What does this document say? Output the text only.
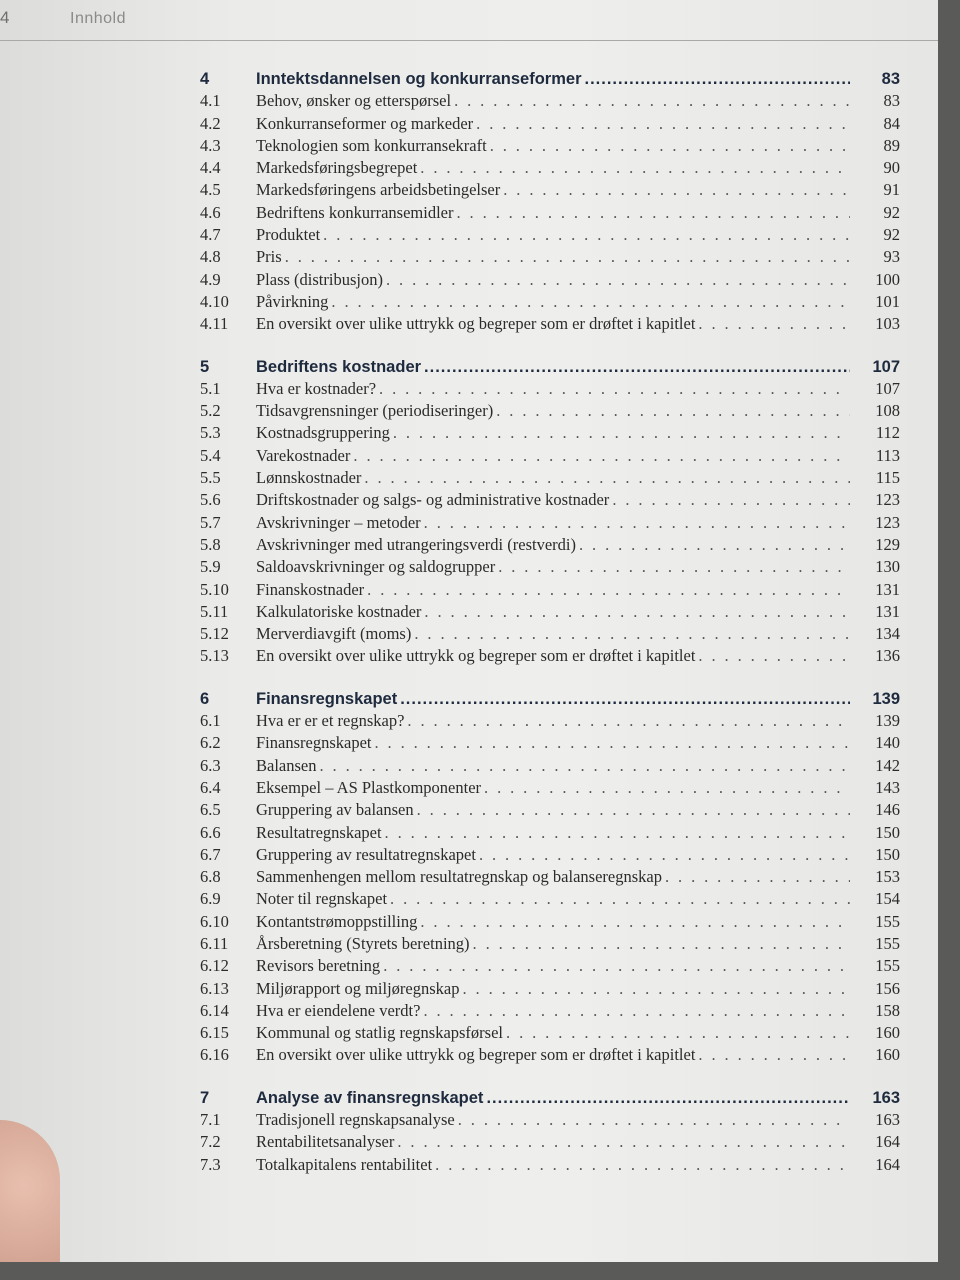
4	Innhold
4	Inntektsdannelsen og konkurranseformer .....	83
4.1	Behov, ønsker og etterspørsel . . .	83
4.2	Konkurranseformer og markeder . . .	84
4.3	Teknologien som konkurransekraft . . .	89
4.4	Markedsføringsbegrepet . . .	90
4.5	Markedsføringens arbeidsbetingelser . . .	91
4.6	Bedriftens konkurransemidler . . .	92
4.7	Produktet . . .	92
4.8	Pris . . .	93
4.9	Plass (distribusjon) . . .	100
4.10	Påvirkning . . .	101
4.11	En oversikt over ulike uttrykk og begreper som er drøftet i kapitlet . . .	103
5	Bedriftens kostnader .....	107
5.1	Hva er kostnader? . . .	107
5.2	Tidsavgrensninger (periodiseringer) . . .	108
5.3	Kostnadsgruppering . . .	112
5.4	Varekostnader . . .	113
5.5	Lønnskostnader . . .	115
5.6	Driftskostnader og salgs- og administrative kostnader . . .	123
5.7	Avskrivninger – metoder . . .	123
5.8	Avskrivninger med utrangeringsverdi (restverdi) . . .	129
5.9	Saldoavskrivninger og saldogrupper . . .	130
5.10	Finanskostnader . . .	131
5.11	Kalkulatoriske kostnader . . .	131
5.12	Merverdiavgift (moms) . . .	134
5.13	En oversikt over ulike uttrykk og begreper som er drøftet i kapitlet . . .	136
6	Finansregnskapet .....	139
6.1	Hva er er et regnskap? . . .	139
6.2	Finansregnskapet . . .	140
6.3	Balansen . . .	142
6.4	Eksempel – AS Plastkomponenter . . .	143
6.5	Gruppering av balansen . . .	146
6.6	Resultatregnskapet . . .	150
6.7	Gruppering av resultatregnskapet . . .	150
6.8	Sammenhengen mellom resultatregnskap og balanseregnskap . . .	153
6.9	Noter til regnskapet . . .	154
6.10	Kontantstrømoppstilling . . .	155
6.11	Årsberetning (Styrets beretning) . . .	155
6.12	Revisors beretning . . .	155
6.13	Miljørapport og miljøregnskap . . .	156
6.14	Hva er eiendelene verdt? . . .	158
6.15	Kommunal og statlig regnskapsførsel . . .	160
6.16	En oversikt over ulike uttrykk og begreper som er drøftet i kapitlet . . .	160
7	Analyse av finansregnskapet .....	163
7.1	Tradisjonell regnskapsanalyse . . .	163
7.2	Rentabilitetsanalyser . . .	164
7.3	Totalkapitalens rentabilitet . . .	164
